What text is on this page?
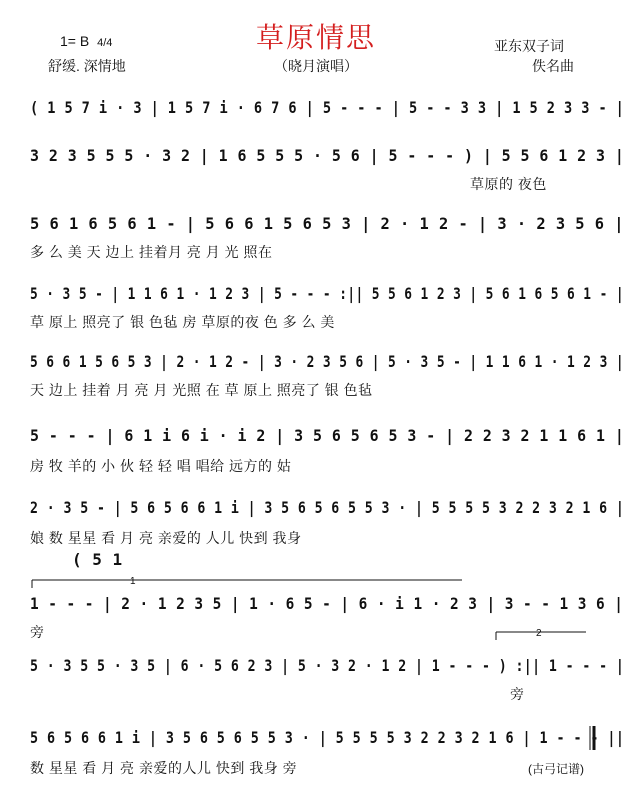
草原情思
（晓月演唱）
1= B 4/4
舒缓. 深情地
亚东双子词
佚名曲
( 1 5 7 i · 3 | 1 5 7 i · 6 7 6 | 5 - - - | 5 - - 3 3 | 1 5 2 3 3 - |
3 2 3 5 5 5 · 3 2 | 1 6 5 5 5 · 5 6 | 5 - - - ) | 5 5 6 1 2 3 |
草原的 夜色
5 6 1 6 5 6 1 - | 5 6 6 1 5 6 5 3 | 2 · 1 2 - | 3 · 2 3 5 6 |
多 么 美 天 边上 挂着月 亮 月 光 照在
5 · 3 5 - | 1 1 6 1 · 1 2 3 | 5 - - - :|| 5 5 6 1 2 3 | 5 6 1 6 5 6 1 - |
草 原上 照亮了 银 色毡 房 草原的夜 色 多 么 美
5 6 6 1 5 6 5 3 | 2 · 1 2 - | 3 · 2 3 5 6 | 5 · 3 5 - | 1 1 6 1 · 1 2 3 |
天 边上 挂着 月 亮 月 光照 在 草 原上 照亮了 银 色毡
5 - - - | 6 1 i 6 i · i 2 | 3 5 6 5 6 5 3 - | 2 2 3 2 1 1 6 1 |
房 牧 羊的 小 伙 轻 轻 唱 唱给 远方的 姑
2 · 3 5 - | 5 6 5 6 6 1 i | 3 5 6 5 6 5 5 3 · | 5 5 5 5 3 2 2 3 2 1 6 |
娘 数 星星 看 月 亮 亲爱的 人儿 快到 我身
( 5 1
1 - - - | 2 · 1 2 3 5 | 1 · 6 5 - | 6 · i 1 · 2 3 | 3 - - 1 3 6 |
旁
5 · 3 5 5 · 3 5 | 6 · 5 6 2 3 | 5 · 3 2 · 1 2 | 1 - - - ) :|| 1 - - - |
旁
5 6 5 6 6 1 i | 3 5 6 5 6 5 5 3 · | 5 5 5 5 3 2 2 3 2 1 6 | 1 - - - ||
数 星星 看 月 亮 亲爱的人儿 快到 我身 旁	(古弓记谱)
1
2
